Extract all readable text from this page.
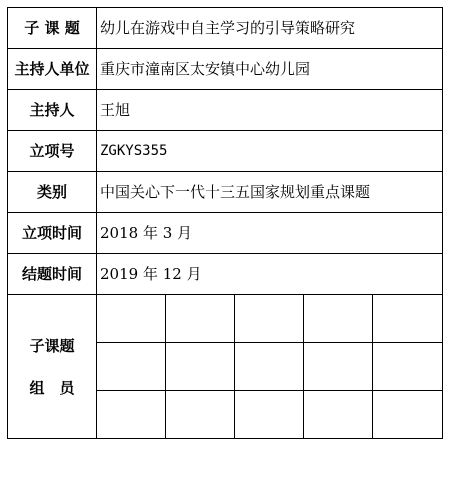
子 课 题	幼儿在游戏中自主学习的引导策略研究				
主持人单位	重庆市潼南区太安镇中心幼儿园				
主持人	王旭				
立项号	ZGKYS355				
类别	中国关心下一代十三五国家规划重点课题				
立项时间	2018 年 3 月				
结题时间	2019 年 12 月				

子课题
组　员					
